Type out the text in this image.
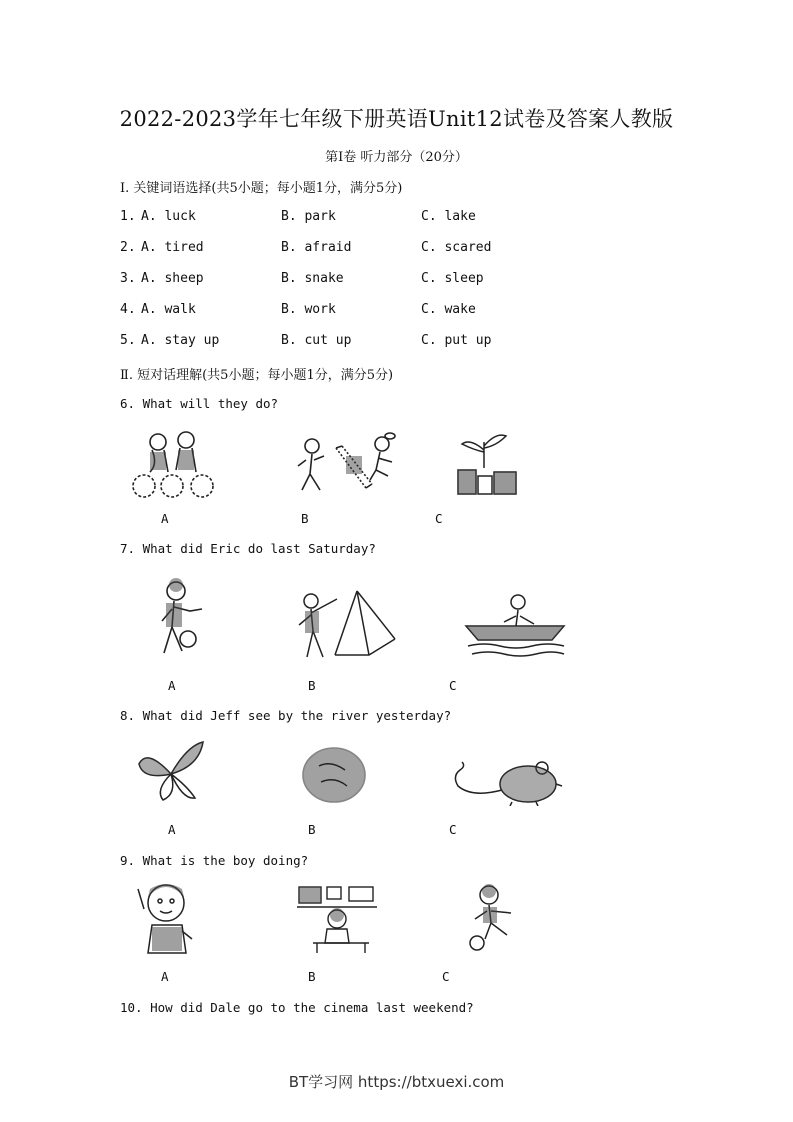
2022-2023学年七年级下册英语Unit12试卷及答案人教版
第Ⅰ卷 听力部分（20分）
Ⅰ. 关键词语选择(共5小题；每小题1分，满分5分)
1. A. luck	B. park	C. lake
2. A. tired	B. afraid	C. scared
3. A. sheep	B. snake	C. sleep
4. A. walk	B. work	C. wake
5. A. stay up	B. cut up	C. put up
Ⅱ. 短对话理解(共5小题；每小题1分，满分5分)
6. What will they do?
A	B	C
7. What did Eric do last Saturday?
A	B	C
8. What did Jeff see by the river yesterday?
A	B	C
9. What is the boy doing?
A	B	C
10. How did Dale go to the cinema last weekend?
BT学习网 https://btxuexi.com
